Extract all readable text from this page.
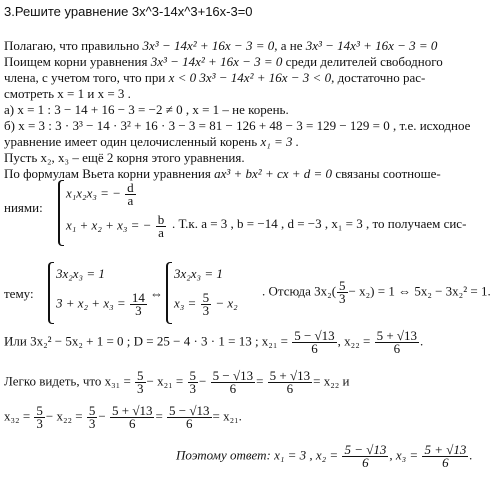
3.Решите уравнение 3x^3-14x^3+16x-3=0
Полагаю, что правильно 3x³ − 14x² + 16x − 3 = 0, а не 3x³ − 14x³ + 16x − 3 = 0
Поищем корни уравнения 3x³ − 14x² + 16x − 3 = 0 среди делителей свободного
члена, с учетом того, что при x < 0 3x³ − 14x² + 16x − 3 < 0, достаточно рас-
смотреть x = 1 и x = 3 .
а) x = 1 : 3 − 14 + 16 − 3 = −2 ≠ 0 , x = 1 – не корень.
б) x = 3 : 3 · 3³ − 14 · 3² + 16 · 3 − 3 = 81 − 126 + 48 − 3 = 129 − 129 = 0 , т.е. исходное
уравнение имеет один целочисленный корень x₁ = 3 .
Пусть x₂, x₃ – ещё 2 корня этого уравнения.
По формулам Вьета корни уравнения ax³ + bx² + cx + d = 0 связаны соотноше-
ниями:
x₁x₂x₃ = − $\frac{d}{a}$
x₁ + x₂ + x₃ = − $\frac{b}{a}$ . Т.к. a = 3 , b = −14 , d = −3 , x₁ = 3 , то получаем сис-
тему:
3x₂x₃ = 1
$3 + x_2 + x_3 = \frac{14}{3}$ ⇔
3x₂x₃ = 1
$x_3 = \frac{5}{3} - x_2$
. Отсюда $3x_2( \frac{5}{3} - x_2) = 1$ ⇔ 5x₂ − 3x₂² = 1.
Или 3x₂² − 5x₂ + 1 = 0 ; D = 25 − 4 · 3 · 1 = 13 ; $x_{21} = \frac{5 - √13}{6}$ , $x_{22} = \frac{5 + √13}{6}$ .
Легко видеть, что $x_{31} = \frac{5}{3} - x_{21} = \frac{5}{3} - \frac{5 - √13}{6} = \frac{5 + √13}{6} = x_{22}$ и
$x_{32} = \frac{5}{3} - x_{22} = \frac{5}{3} - \frac{5 + √13}{6} = \frac{5 - √13}{6} = x_{21}$.
Поэтому ответ: x₁ = 3 , $x_2 = \frac{5 - √13}{6}$ , $x_3 = \frac{5 + √13}{6}$ .
